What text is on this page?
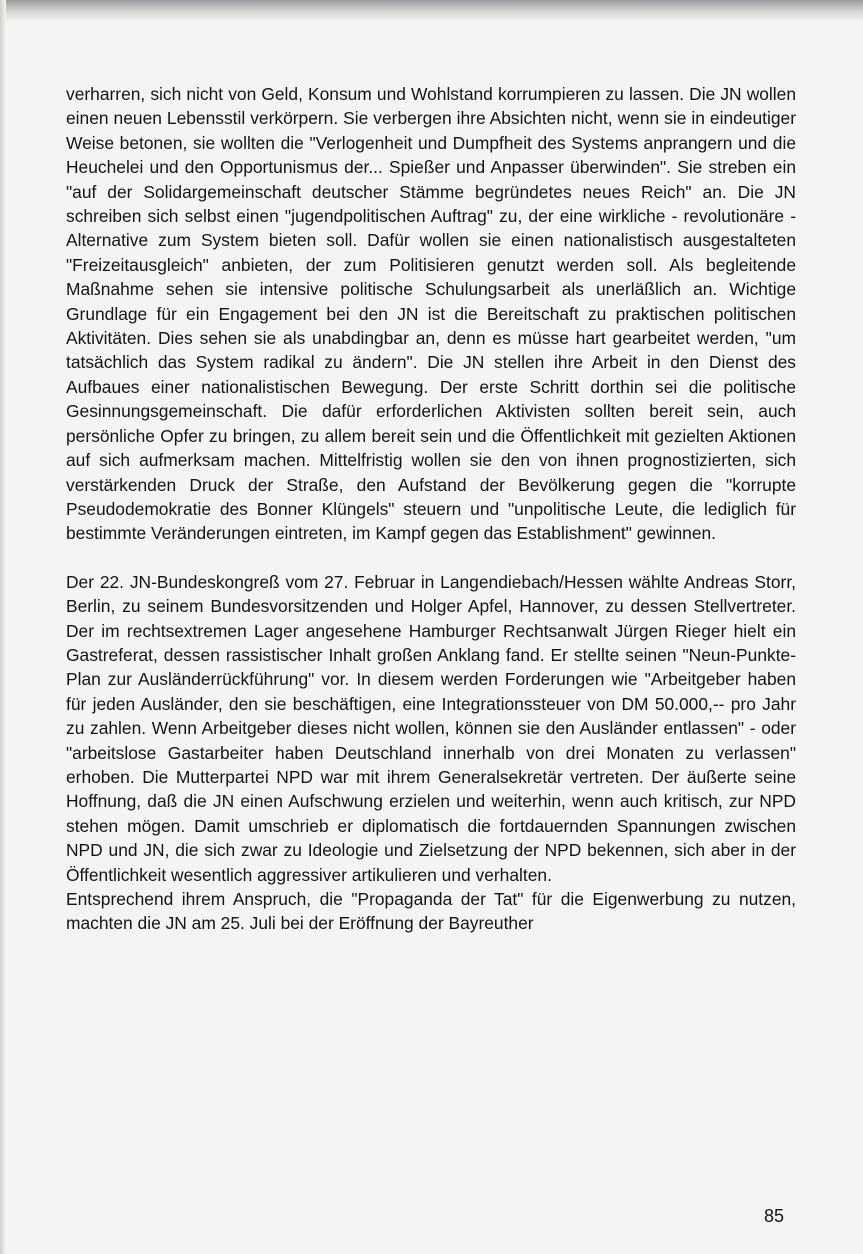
verharren, sich nicht von Geld, Konsum und Wohlstand korrumpieren zu lassen. Die JN wollen einen neuen Lebensstil verkörpern. Sie verbergen ihre Absichten nicht, wenn sie in eindeutiger Weise betonen, sie wollten die "Verlogenheit und Dumpfheit des Systems anprangern und die Heuchelei und den Opportunismus der... Spießer und Anpasser überwinden". Sie streben ein "auf der Solidargemeinschaft deutscher Stämme begründetes neues Reich" an. Die JN schreiben sich selbst einen "jugendpolitischen Auftrag" zu, der eine wirkliche - revolutionäre - Alternative zum System bieten soll. Dafür wollen sie einen nationalistisch ausgestalteten "Freizeitausgleich" anbieten, der zum Politisieren genutzt werden soll. Als begleitende Maßnahme sehen sie intensive politische Schulungsarbeit als unerläßlich an. Wichtige Grundlage für ein Engagement bei den JN ist die Bereitschaft zu praktischen politischen Aktivitäten. Dies sehen sie als unabdingbar an, denn es müsse hart gearbeitet werden, "um tatsächlich das System radikal zu ändern". Die JN stellen ihre Arbeit in den Dienst des Aufbaues einer nationalistischen Bewegung. Der erste Schritt dorthin sei die politische Gesinnungsgemeinschaft. Die dafür erforderlichen Aktivisten sollten bereit sein, auch persönliche Opfer zu bringen, zu allem bereit sein und die Öffentlichkeit mit gezielten Aktionen auf sich aufmerksam machen. Mittelfristig wollen sie den von ihnen prognostizierten, sich verstärkenden Druck der Straße, den Aufstand der Bevölkerung gegen die "korrupte Pseudodemokratie des Bonner Klüngels" steuern und "unpolitische Leute, die lediglich für bestimmte Veränderungen eintreten, im Kampf gegen das Establishment" gewinnen.

Der 22. JN-Bundeskongreß vom 27. Februar in Langendiebach/Hessen wählte Andreas Storr, Berlin, zu seinem Bundesvorsitzenden und Holger Apfel, Hannover, zu dessen Stellvertreter. Der im rechtsextremen Lager angesehene Hamburger Rechtsanwalt Jürgen Rieger hielt ein Gastreferat, dessen rassistischer Inhalt großen Anklang fand. Er stellte seinen "Neun-Punkte-Plan zur Ausländerrückführung" vor. In diesem werden Forderungen wie "Arbeitgeber haben für jeden Ausländer, den sie beschäftigen, eine Integrationssteuer von DM 50.000,-- pro Jahr zu zahlen. Wenn Arbeitgeber dieses nicht wollen, können sie den Ausländer entlassen" - oder "arbeitslose Gastarbeiter haben Deutschland innerhalb von drei Monaten zu verlassen" erhoben. Die Mutterpartei NPD war mit ihrem Generalsekretär vertreten. Der äußerte seine Hoffnung, daß die JN einen Aufschwung erzielen und weiterhin, wenn auch kritisch, zur NPD stehen mögen. Damit umschrieb er diplomatisch die fortdauernden Spannungen zwischen NPD und JN, die sich zwar zu Ideologie und Zielsetzung der NPD bekennen, sich aber in der Öffentlichkeit wesentlich aggressiver artikulieren und verhalten.

Entsprechend ihrem Anspruch, die "Propaganda der Tat" für die Eigenwerbung zu nutzen, machten die JN am 25. Juli bei der Eröffnung der Bayreuther

85
